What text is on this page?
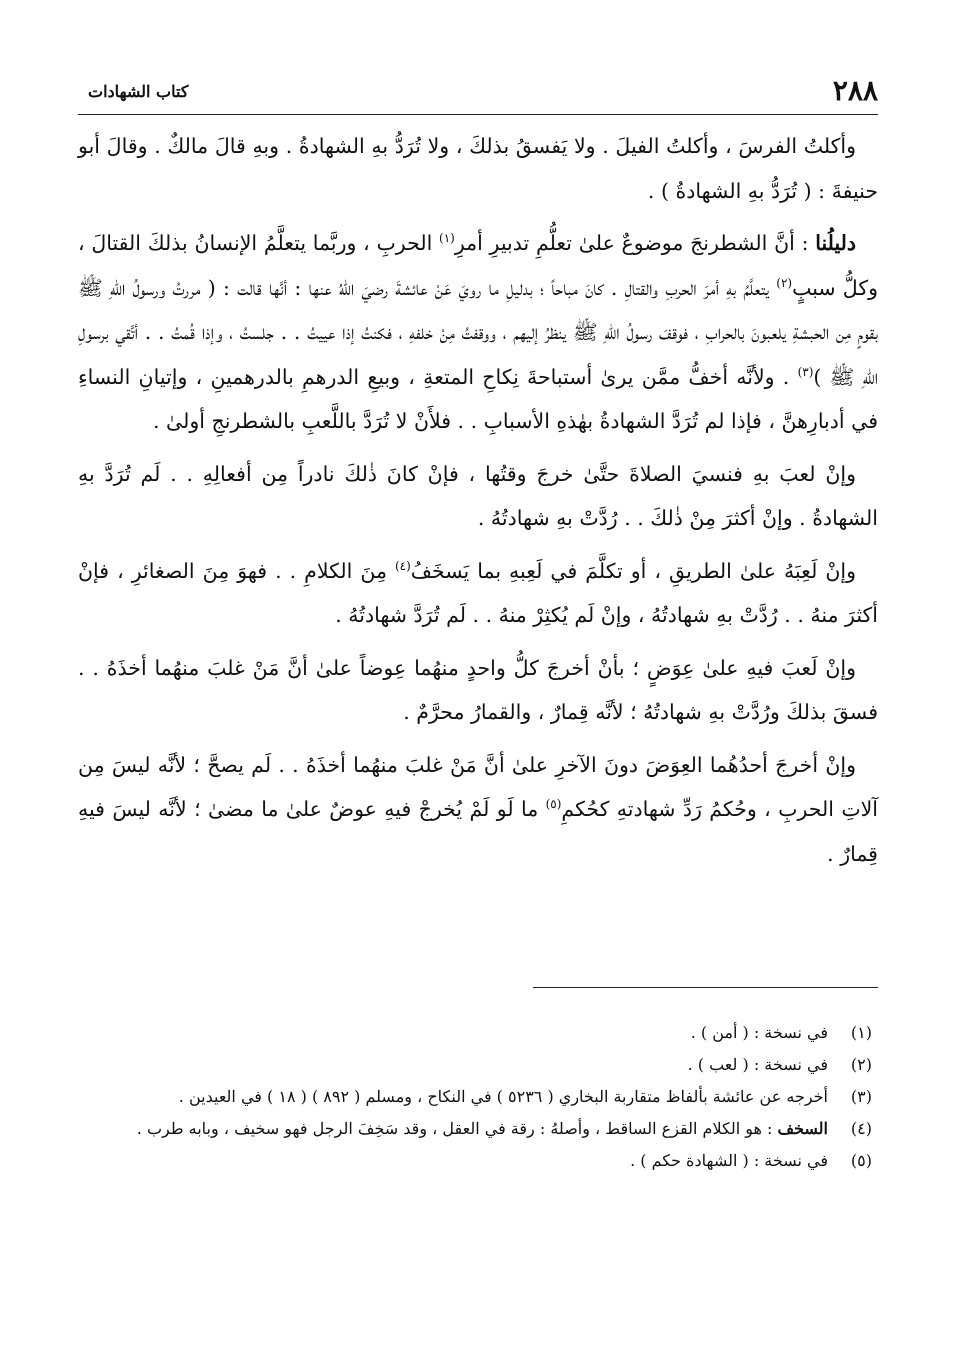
٢٨٨
كتاب الشهادات

وأكلتُ الفرسَ ، وأكلتُ الفيلَ . ولا يَفسقُ بذلكَ ، ولا تُرَدُّ بهِ الشهادةُ . وبهِ قالَ مالكٌ . وقالَ أبو حنيفةَ : ( تُرَدُّ بهِ الشهادةُ ) .

دليلُنا : أنَّ الشطرنجَ موضوعٌ علىٰ تعلُّمِ تدبيرِ أمرِ$^{(١)}$ الحربِ ، وربَّما يتعلَّمُ الإنسانُ بذلكَ القتالَ ، وكلُّ سببٍ$^{(٢)}$ يتعلَّمُ بهِ أمرَ الحربِ والقتالِ . كانَ مباحاً ؛ بدليلِ ما رويَ عَنْ عائشةَ رضيَ اللهُ عنها : أنَّها قالت : ( مررتُ ورسولُ اللهِ ﷺ بقومٍ مِن الحبشةِ يلعبونَ بالحرابِ ، فوقفَ رسولُ اللهِ ﷺ ينظرُ إليهم ، ووقفتُ مِنْ خلفهِ ، فكنتُ إذا عييتُ . . جلستُ ، وإذا قُمتُ . . أتَّقي برسولِ اللهِ ﷺ )$^{(٣)}$ . ولأنَّه أخفُّ ممَّن يرىٰ أستباحةَ نِكاحِ المتعةِ ، وبيعِ الدرهمِ بالدرهمينِ ، وإتيانِ النساءِ في أدبارِهنَّ ، فإذا لم تُرَدَّ الشهادةُ بهٰذهِ الأسبابِ . . فلأَنْ لا تُرَدَّ باللَّعبِ بالشطرنجِ أولىٰ .

وإنْ لعبَ بهِ فنسيَ الصلاةَ حتَّىٰ خرجَ وقتُها ، فإنْ كانَ ذٰلكَ نادراً مِن أفعالِهِ . . لَم تُرَدَّ بهِ الشهادةُ . وإنْ أكثرَ مِنْ ذٰلكَ . . رُدَّتْ بهِ شهادتُهُ .

وإنْ لَعِبَهُ علىٰ الطريقِ ، أو تكلَّمَ في لَعِبهِ بما يَسخَفُ$^{(٤)}$ مِنَ الكلامِ . . فهوَ مِنَ الصغائرِ ، فإنْ أكثرَ منهُ . . رُدَّتْ بهِ شهادتُهُ ، وإنْ لَم يُكثِرْ منهُ . . لَم تُرَدَّ شهادتُهُ .

وإنْ لَعبَ فيهِ علىٰ عِوَضٍ ؛ بأنْ أخرجَ كلُّ واحدٍ منهُما عِوضاً علىٰ أنَّ مَنْ غلبَ منهُما أخذَهُ . . فسقَ بذلكَ ورُدَّتْ بهِ شهادتُهُ ؛ لأنَّه قِمارٌ ، والقمارُ محرَّمٌ .

وإنْ أخرجَ أحدُهُما العِوَضَ دونَ الآخرِ علىٰ أنَّ مَنْ غلبَ منهُما أخذَهُ . . لَم يصحَّ ؛ لأنَّه ليسَ مِن آلاتِ الحربِ ، وحُكمُ رَدِّ شهادتهِ كحُكمِ$^{(٥)}$ ما لَو لَمْ يُخرجْ فيهِ عوضٌ علىٰ ما مضىٰ ؛ لأنَّه ليسَ فيهِ قِمارٌ .

(١)
في نسخة : ( أمن ) .
(٢)
في نسخة : ( لعب ) .
(٣)
أخرجه عن عائشة بألفاظ متقاربة البخاري ( ٥٢٣٦ ) في النكاح ، ومسلم ( ٨٩٢ ) ( ١٨ ) في العيدين .
(٤)
السخف : هو الكلام القزع الساقط ، وأصلهُ : رقة في العقل ، وقد سَخِفَ الرجل فهو سخيف ، وبابه طرب .
(٥)
في نسخة : ( الشهادة حكم ) .
